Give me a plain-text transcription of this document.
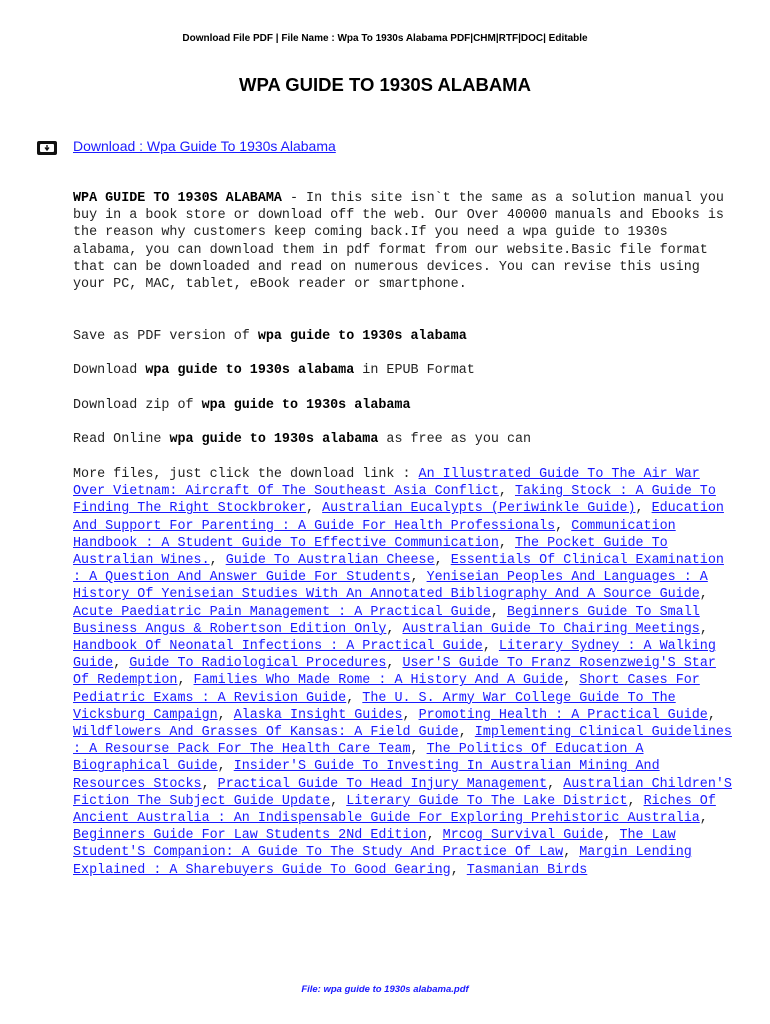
Download File PDF | File Name : Wpa To 1930s Alabama PDF|CHM|RTF|DOC| Editable
WPA GUIDE TO 1930S ALABAMA
Download : Wpa Guide To 1930s Alabama
WPA GUIDE TO 1930S ALABAMA - In this site isn`t the same as a solution manual you buy in a book store or download off the web. Our Over 40000 manuals and Ebooks is the reason why customers keep coming back.If you need a wpa guide to 1930s alabama, you can download them in pdf format from our website.Basic file format that can be downloaded and read on numerous devices. You can revise this using your PC, MAC, tablet, eBook reader or smartphone.
Save as PDF version of wpa guide to 1930s alabama
Download wpa guide to 1930s alabama in EPUB Format
Download zip of wpa guide to 1930s alabama
Read Online wpa guide to 1930s alabama as free as you can
More files, just click the download link : An Illustrated Guide To The Air War Over Vietnam: Aircraft Of The Southeast Asia Conflict, Taking Stock : A Guide To Finding The Right Stockbroker, Australian Eucalypts (Periwinkle Guide), Education And Support For Parenting : A Guide For Health Professionals, Communication Handbook : A Student Guide To Effective Communication, The Pocket Guide To Australian Wines., Guide To Australian Cheese, Essentials Of Clinical Examination : A Question And Answer Guide For Students, Yeniseian Peoples And Languages : A History Of Yeniseian Studies With An Annotated Bibliography And A Source Guide, Acute Paediatric Pain Management : A Practical Guide, Beginners Guide To Small Business Angus & Robertson Edition Only, Australian Guide To Chairing Meetings, Handbook Of Neonatal Infections : A Practical Guide, Literary Sydney : A Walking Guide, Guide To Radiological Procedures, User'S Guide To Franz Rosenzweig'S Star Of Redemption, Families Who Made Rome : A History And A Guide, Short Cases For Pediatric Exams : A Revision Guide, The U. S. Army War College Guide To The Vicksburg Campaign, Alaska Insight Guides, Promoting Health : A Practical Guide, Wildflowers And Grasses Of Kansas: A Field Guide, Implementing Clinical Guidelines : A Resourse Pack For The Health Care Team, The Politics Of Education A Biographical Guide, Insider'S Guide To Investing In Australian Mining And Resources Stocks, Practical Guide To Head Injury Management, Australian Children'S Fiction The Subject Guide Update, Literary Guide To The Lake District, Riches Of Ancient Australia : An Indispensable Guide For Exploring Prehistoric Australia, Beginners Guide For Law Students 2Nd Edition, Mrcog Survival Guide, The Law Student'S Companion: A Guide To The Study And Practice Of Law, Margin Lending Explained : A Sharebuyers Guide To Good Gearing, Tasmanian Birds
File: wpa guide to 1930s alabama.pdf
